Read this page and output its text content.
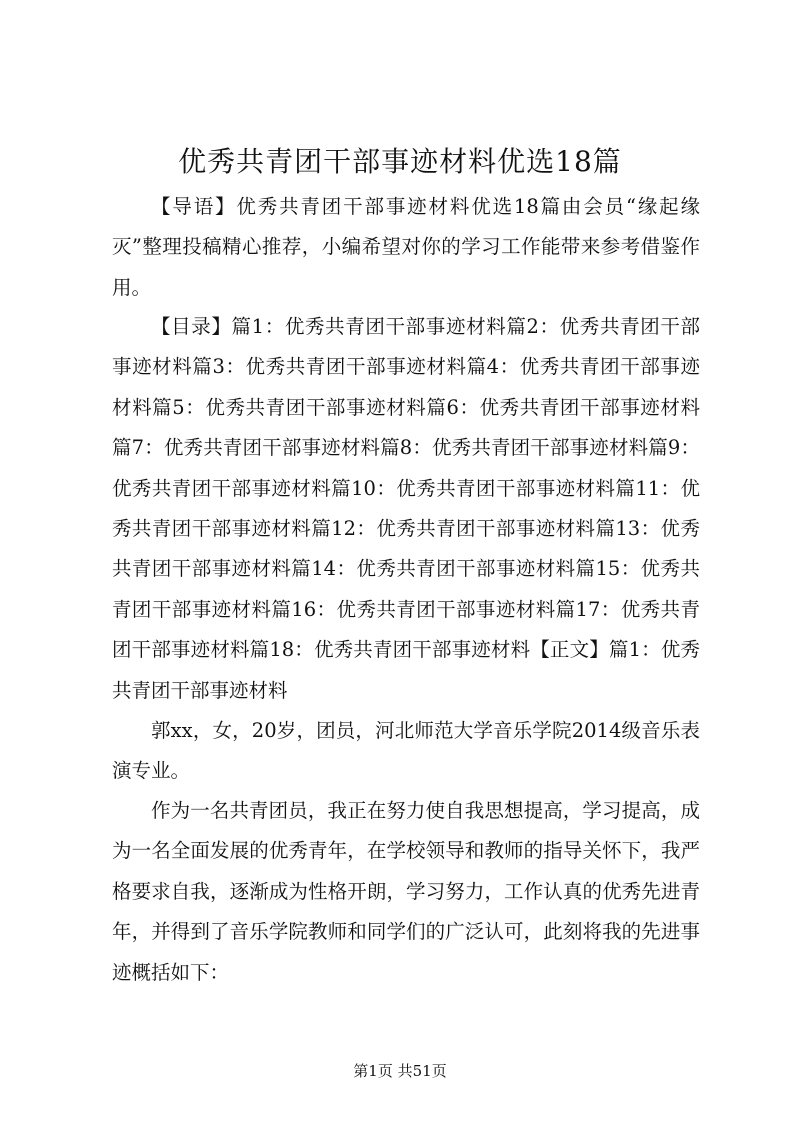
优秀共青团干部事迹材料优选18篇

【导语】优秀共青团干部事迹材料优选18篇由会员“缘起缘灭”整理投稿精心推荐，小编希望对你的学习工作能带来参考借鉴作用。

【目录】篇1：优秀共青团干部事迹材料篇2：优秀共青团干部事迹材料篇3：优秀共青团干部事迹材料篇4：优秀共青团干部事迹材料篇5：优秀共青团干部事迹材料篇6：优秀共青团干部事迹材料篇7：优秀共青团干部事迹材料篇8：优秀共青团干部事迹材料篇9：优秀共青团干部事迹材料篇10：优秀共青团干部事迹材料篇11：优秀共青团干部事迹材料篇12：优秀共青团干部事迹材料篇13：优秀共青团干部事迹材料篇14：优秀共青团干部事迹材料篇15：优秀共青团干部事迹材料篇16：优秀共青团干部事迹材料篇17：优秀共青团干部事迹材料篇18：优秀共青团干部事迹材料【正文】篇1：优秀共青团干部事迹材料

郭xx，女，20岁，团员，河北师范大学音乐学院2014级音乐表演专业。

作为一名共青团员，我正在努力使自我思想提高，学习提高，成为一名全面发展的优秀青年，在学校领导和教师的指导关怀下，我严格要求自我，逐渐成为性格开朗，学习努力，工作认真的优秀先进青年，并得到了音乐学院教师和同学们的广泛认可，此刻将我的先进事迹概括如下：

第1页 共51页
